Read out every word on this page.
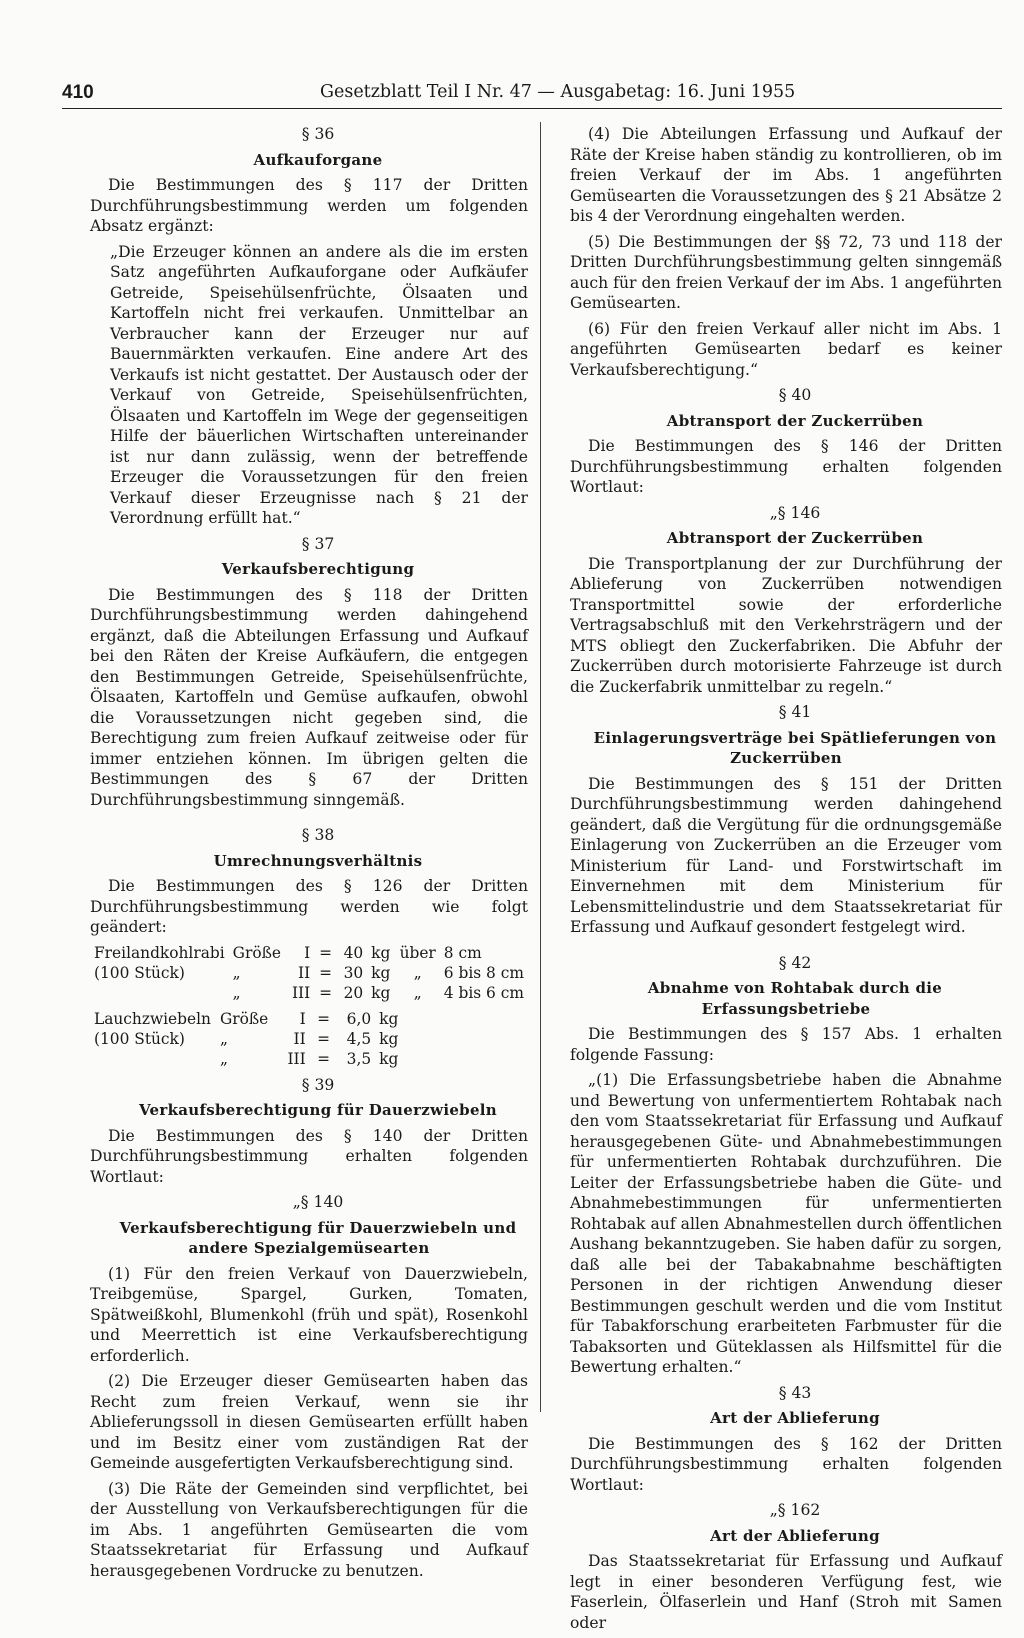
410	Gesetzblatt Teil I Nr. 47 — Ausgabetag: 16. Juni 1955

§ 36

Aufkauforgane

Die Bestimmungen des § 117 der Dritten Durchführungsbestimmung werden um folgenden Absatz ergänzt:

„Die Erzeuger können an andere als die im ersten Satz angeführten Aufkauforgane oder Aufkäufer Getreide, Speisehülsenfrüchte, Ölsaaten und Kartoffeln nicht frei verkaufen. Unmittelbar an Verbraucher kann der Erzeuger nur auf Bauernmärkten verkaufen. Eine andere Art des Verkaufs ist nicht gestattet. Der Austausch oder der Verkauf von Getreide, Speisehülsenfrüchten, Ölsaaten und Kartoffeln im Wege der gegenseitigen Hilfe der bäuerlichen Wirtschaften untereinander ist nur dann zulässig, wenn der betreffende Erzeuger die Voraussetzungen für den freien Verkauf dieser Erzeugnisse nach § 21 der Verordnung erfüllt hat.“

§ 37

Verkaufsberechtigung

Die Bestimmungen des § 118 der Dritten Durchführungsbestimmung werden dahingehend ergänzt, daß die Abteilungen Erfassung und Aufkauf bei den Räten der Kreise Aufkäufern, die entgegen den Bestimmungen Getreide, Speisehülsenfrüchte, Ölsaaten, Kartoffeln und Gemüse aufkaufen, obwohl die Voraussetzungen nicht gegeben sind, die Berechtigung zum freien Aufkauf zeitweise oder für immer entziehen können. Im übrigen gelten die Bestimmungen des § 67 der Dritten Durchführungsbestimmung sinngemäß.

§ 38

Umrechnungsverhältnis

Die Bestimmungen des § 126 der Dritten Durchführungsbestimmung werden wie folgt geändert:

Freilandkohlrabi	Größe	I	=	40	kg	über	8 cm
(100 Stück)	„	II	=	30	kg	„	6 bis 8 cm
	„	III	=	20	kg	„	4 bis 6 cm
Lauchzwiebeln	Größe	I	=	6,0	kg		
(100 Stück)	„	II	=	4,5	kg		
	„	III	=	3,5	kg		

§ 39

Verkaufsberechtigung für Dauerzwiebeln

Die Bestimmungen des § 140 der Dritten Durchführungsbestimmung erhalten folgenden Wortlaut:

„§ 140

Verkaufsberechtigung für Dauerzwiebeln und andere Spezialgemüsearten

(1) Für den freien Verkauf von Dauerzwiebeln, Treibgemüse, Spargel, Gurken, Tomaten, Spätweißkohl, Blumenkohl (früh und spät), Rosenkohl und Meerrettich ist eine Verkaufsberechtigung erforderlich.

(2) Die Erzeuger dieser Gemüsearten haben das Recht zum freien Verkauf, wenn sie ihr Ablieferungssoll in diesen Gemüsearten erfüllt haben und im Besitz einer vom zuständigen Rat der Gemeinde ausgefertigten Verkaufsberechtigung sind.

(3) Die Räte der Gemeinden sind verpflichtet, bei der Ausstellung von Verkaufsberechtigungen für die im Abs. 1 angeführten Gemüsearten die vom Staatssekretariat für Erfassung und Aufkauf herausgegebenen Vordrucke zu benutzen.

(4) Die Abteilungen Erfassung und Aufkauf der Räte der Kreise haben ständig zu kontrollieren, ob im freien Verkauf der im Abs. 1 angeführten Gemüsearten die Voraussetzungen des § 21 Absätze 2 bis 4 der Verordnung eingehalten werden.

(5) Die Bestimmungen der §§ 72, 73 und 118 der Dritten Durchführungsbestimmung gelten sinngemäß auch für den freien Verkauf der im Abs. 1 angeführten Gemüsearten.

(6) Für den freien Verkauf aller nicht im Abs. 1 angeführten Gemüsearten bedarf es keiner Verkaufsberechtigung.“

§ 40

Abtransport der Zuckerrüben

Die Bestimmungen des § 146 der Dritten Durchführungsbestimmung erhalten folgenden Wortlaut:

„§ 146

Abtransport der Zuckerrüben

Die Transportplanung der zur Durchführung der Ablieferung von Zuckerrüben notwendigen Transportmittel sowie der erforderliche Vertragsabschluß mit den Verkehrsträgern und der MTS obliegt den Zuckerfabriken. Die Abfuhr der Zuckerrüben durch motorisierte Fahrzeuge ist durch die Zuckerfabrik unmittelbar zu regeln.“

§ 41

Einlagerungsverträge bei Spätlieferungen von Zuckerrüben

Die Bestimmungen des § 151 der Dritten Durchführungsbestimmung werden dahingehend geändert, daß die Vergütung für die ordnungsgemäße Einlagerung von Zuckerrüben an die Erzeuger vom Ministerium für Land- und Forstwirtschaft im Einvernehmen mit dem Ministerium für Lebensmittelindustrie und dem Staatssekretariat für Erfassung und Aufkauf gesondert festgelegt wird.

§ 42

Abnahme von Rohtabak durch die Erfassungsbetriebe

Die Bestimmungen des § 157 Abs. 1 erhalten folgende Fassung:

„(1) Die Erfassungsbetriebe haben die Abnahme und Bewertung von unfermentiertem Rohtabak nach den vom Staatssekretariat für Erfassung und Aufkauf herausgegebenen Güte- und Abnahmebestimmungen für unfermentierten Rohtabak durchzuführen. Die Leiter der Erfassungsbetriebe haben die Güte- und Abnahmebestimmungen für unfermentierten Rohtabak auf allen Abnahmestellen durch öffentlichen Aushang bekanntzugeben. Sie haben dafür zu sorgen, daß alle bei der Tabakabnahme beschäftigten Personen in der richtigen Anwendung dieser Bestimmungen geschult werden und die vom Institut für Tabakforschung erarbeiteten Farbmuster für die Tabaksorten und Güteklassen als Hilfsmittel für die Bewertung erhalten.“

§ 43

Art der Ablieferung

Die Bestimmungen des § 162 der Dritten Durchführungsbestimmung erhalten folgenden Wortlaut:

„§ 162

Art der Ablieferung

Das Staatssekretariat für Erfassung und Aufkauf legt in einer besonderen Verfügung fest, wie Faserlein, Ölfaserlein und Hanf (Stroh mit Samen oder
